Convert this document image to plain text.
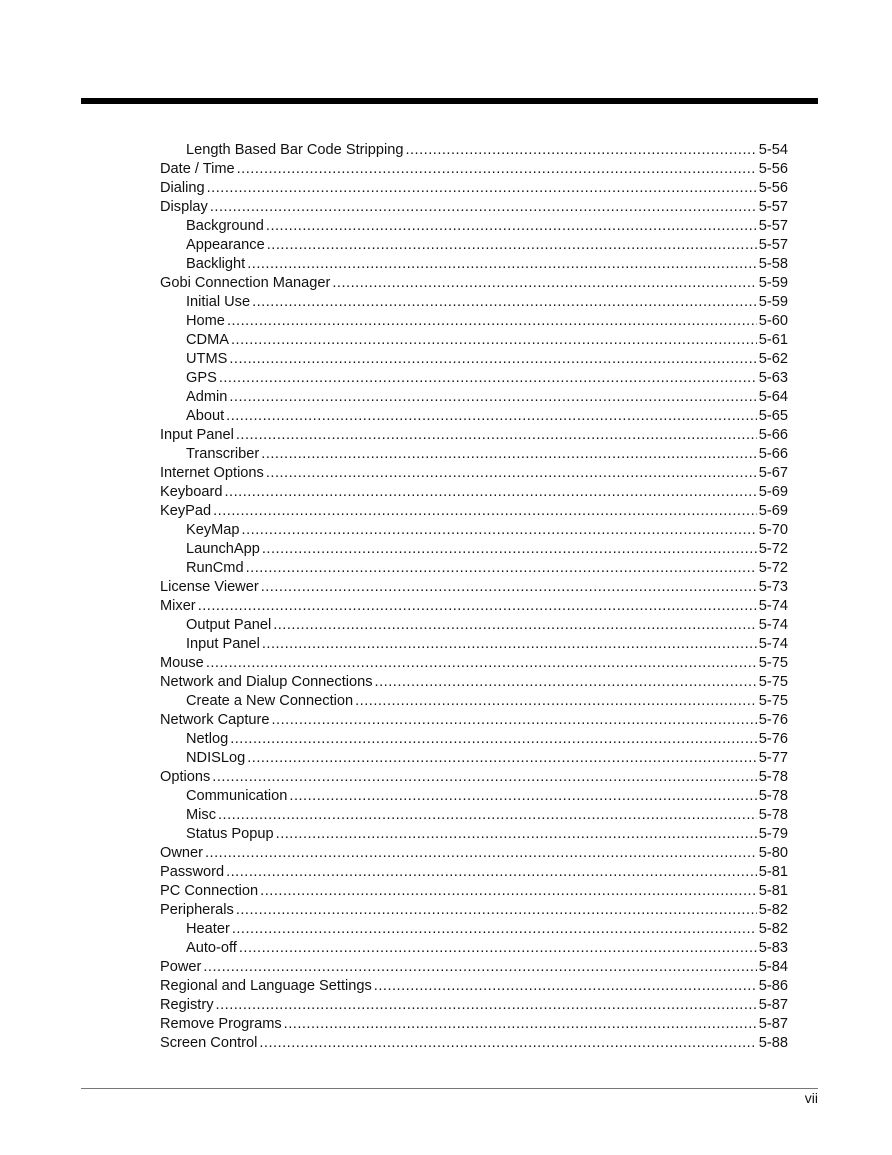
Length Based Bar Code Stripping .....	5-54
Date / Time .....	5-56
Dialing .....	5-56
Display .....	5-57
Background .....	5-57
Appearance .....	5-57
Backlight .....	5-58
Gobi Connection Manager .....	5-59
Initial Use .....	5-59
Home .....	5-60
CDMA .....	5-61
UTMS .....	5-62
GPS .....	5-63
Admin .....	5-64
About .....	5-65
Input Panel .....	5-66
Transcriber .....	5-66
Internet Options .....	5-67
Keyboard .....	5-69
KeyPad .....	5-69
KeyMap .....	5-70
LaunchApp .....	5-72
RunCmd .....	5-72
License Viewer .....	5-73
Mixer .....	5-74
Output Panel .....	5-74
Input Panel .....	5-74
Mouse .....	5-75
Network and Dialup Connections .....	5-75
Create a New Connection .....	5-75
Network Capture .....	5-76
Netlog .....	5-76
NDISLog .....	5-77
Options .....	5-78
Communication .....	5-78
Misc .....	5-78
Status Popup .....	5-79
Owner .....	5-80
Password .....	5-81
PC Connection .....	5-81
Peripherals .....	5-82
Heater .....	5-82
Auto-off .....	5-83
Power .....	5-84
Regional and Language Settings .....	5-86
Registry .....	5-87
Remove Programs .....	5-87
Screen Control .....	5-88
vii
